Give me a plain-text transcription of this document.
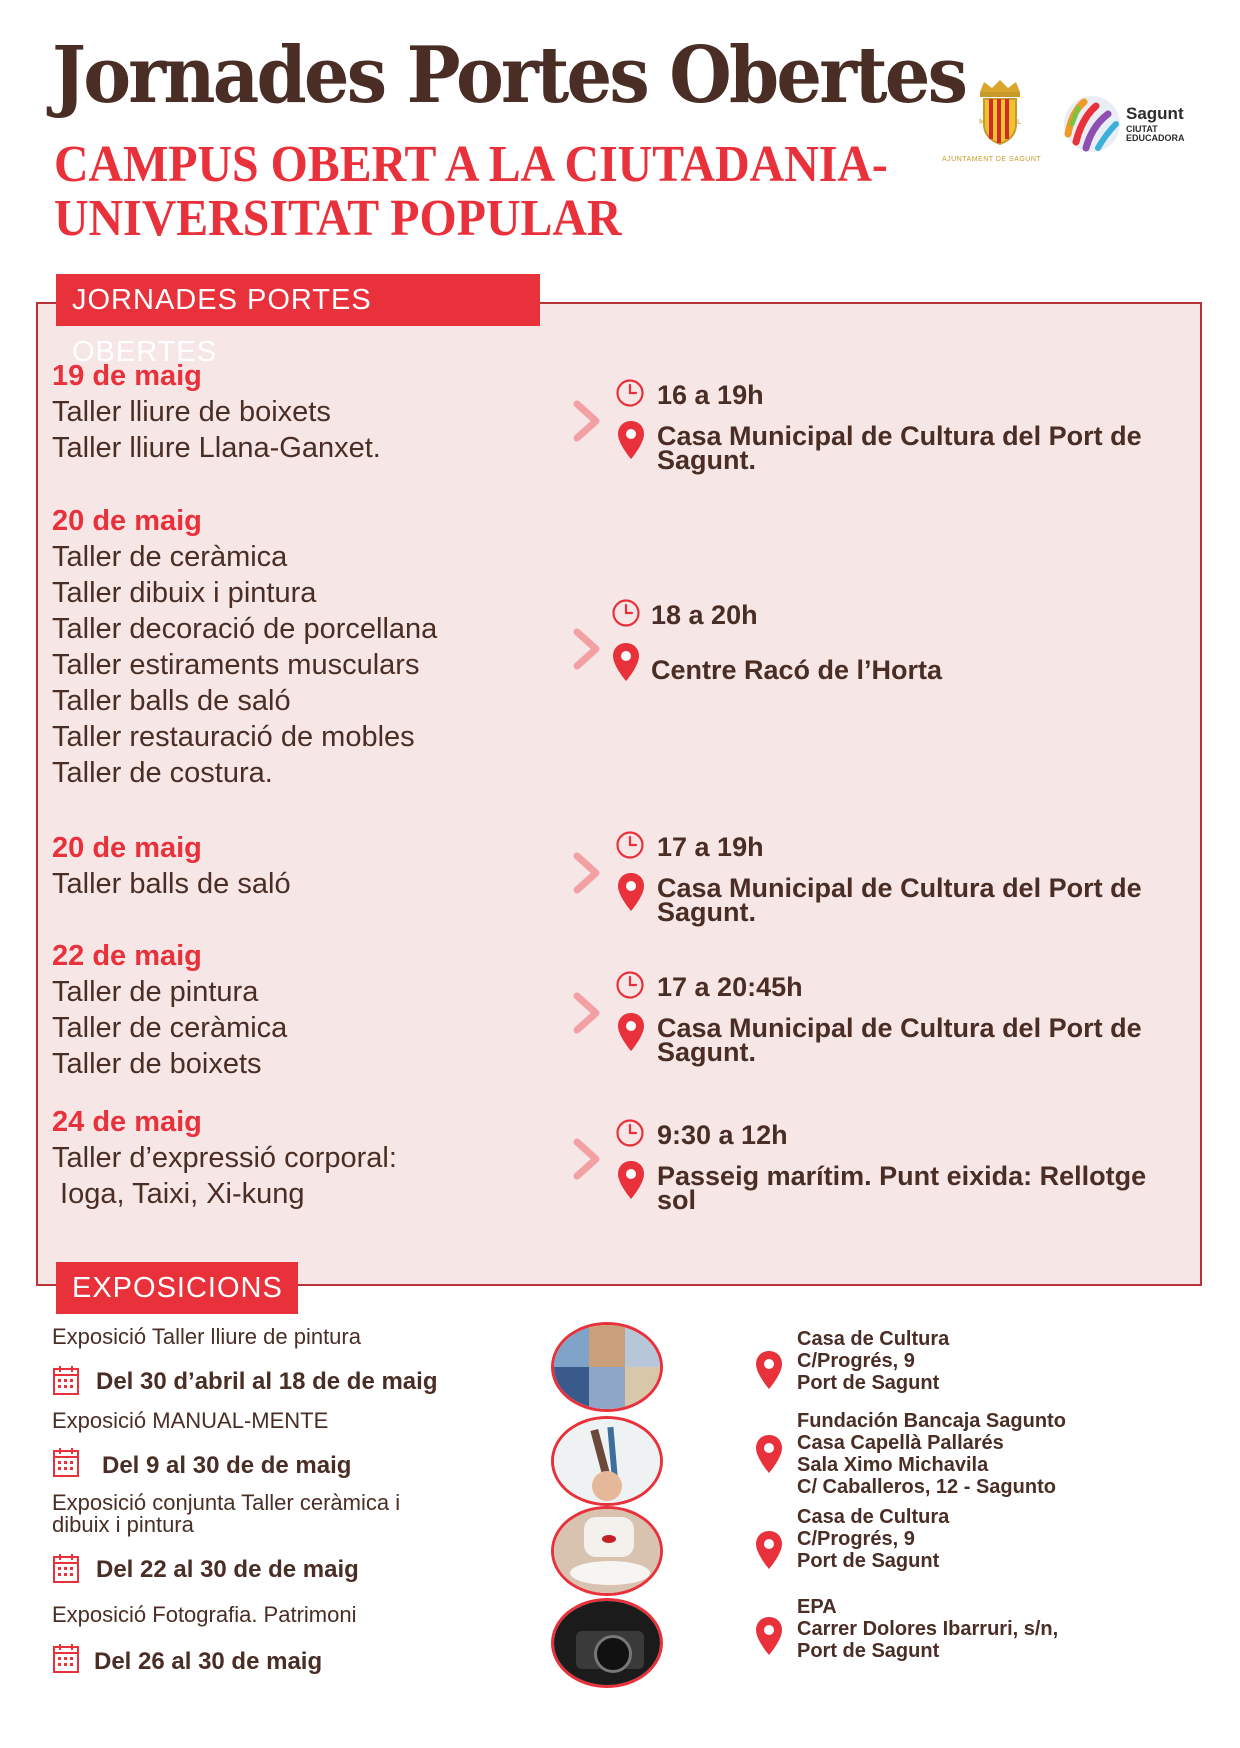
Jornades Portes Obertes
CAMPUS OBERT A LA CIUTADANIA-
UNIVERSITAT POPULAR
M	L
AJUNTAMENT DE SAGUNT
Sagunt
CIUTAT
EDUCADORA
JORNADES PORTES OBERTES
19 de maig
Taller lliure de boixets
Taller lliure Llana-Ganxet.
16 a 19h
Casa Municipal de Cultura del Port de
Sagunt.
20 de maig
Taller de ceràmica
Taller dibuix i pintura
Taller decoració de porcellana
Taller estiraments musculars
Taller balls de saló
Taller restauració de mobles
Taller de costura.
18 a 20h
Centre Racó de l’Horta
20 de maig
Taller balls de saló
17 a 19h
Casa Municipal de Cultura del Port de
Sagunt.
22 de maig
Taller de pintura
Taller de ceràmica
Taller de boixets
17 a 20:45h
Casa Municipal de Cultura del Port de
Sagunt.
24 de maig
Taller d’expressió corporal:
Ioga, Taixi, Xi-kung
9:30 a 12h
Passeig marítim. Punt eixida: Rellotge
sol
EXPOSICIONS
Exposició Taller lliure de pintura
Del 30 d’abril al 18 de de maig
Casa de Cultura
C/Progrés, 9
Port de Sagunt
Exposició MANUAL-MENTE
Del 9 al 30 de de maig
Fundación Bancaja Sagunto
Casa Capellà Pallarés
Sala Ximo Michavila
C/ Caballeros, 12 - Sagunto
Exposició conjunta Taller ceràmica i
dibuix i pintura
Del 22 al 30 de de maig
Casa de Cultura
C/Progrés, 9
Port de Sagunt
Exposició Fotografia. Patrimoni
Del 26 al 30 de maig
EPA
Carrer Dolores Ibarruri, s/n,
Port de Sagunt
